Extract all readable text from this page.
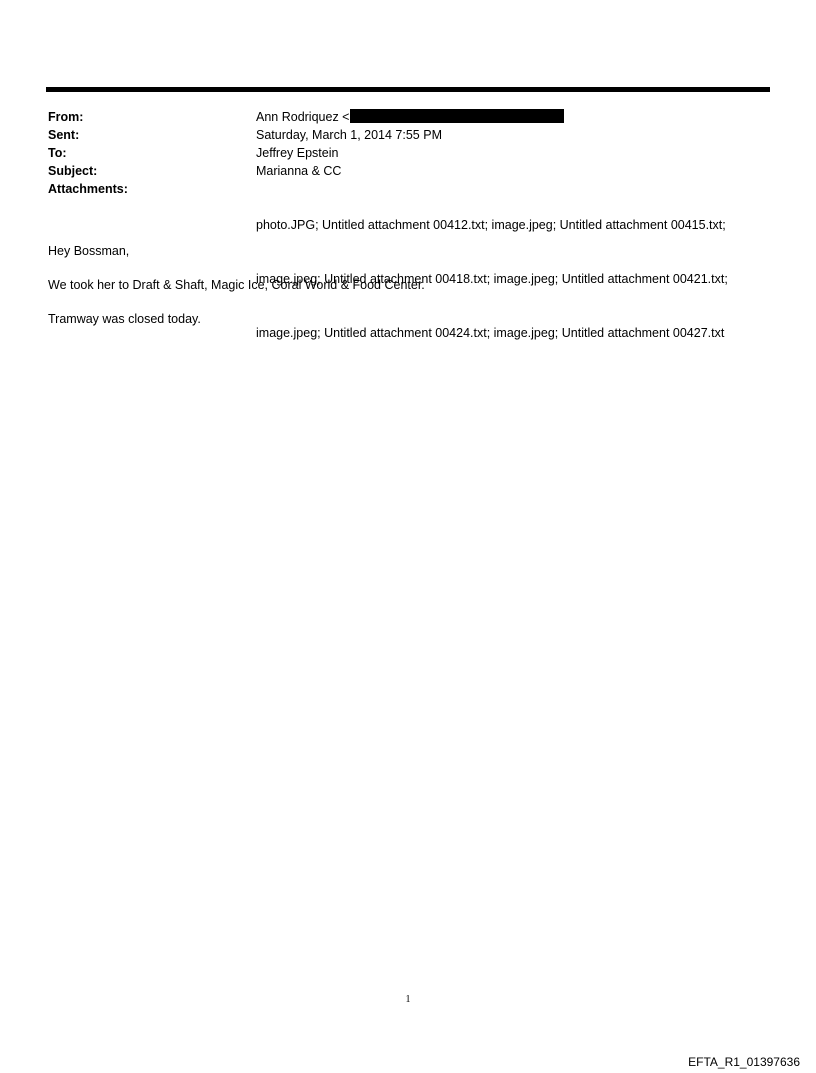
From:	Ann Rodriquez <
Sent:	Saturday, March 1, 2014 7:55 PM
To:	Jeffrey Epstein
Subject:	Marianna & CC
Attachments:

photo.JPG; Untitled attachment 00412.txt; image.jpeg; Untitled attachment 00415.txt;

image.jpeg; Untitled attachment 00418.txt; image.jpeg; Untitled attachment 00421.txt;

image.jpeg; Untitled attachment 00424.txt; image.jpeg; Untitled attachment 00427.txt

Hey Bossman,

We took her to Draft & Shaft, Magic Ice, Coral World & Food Center.

Tramway was closed today.

1
EFTA_R1_01397636
